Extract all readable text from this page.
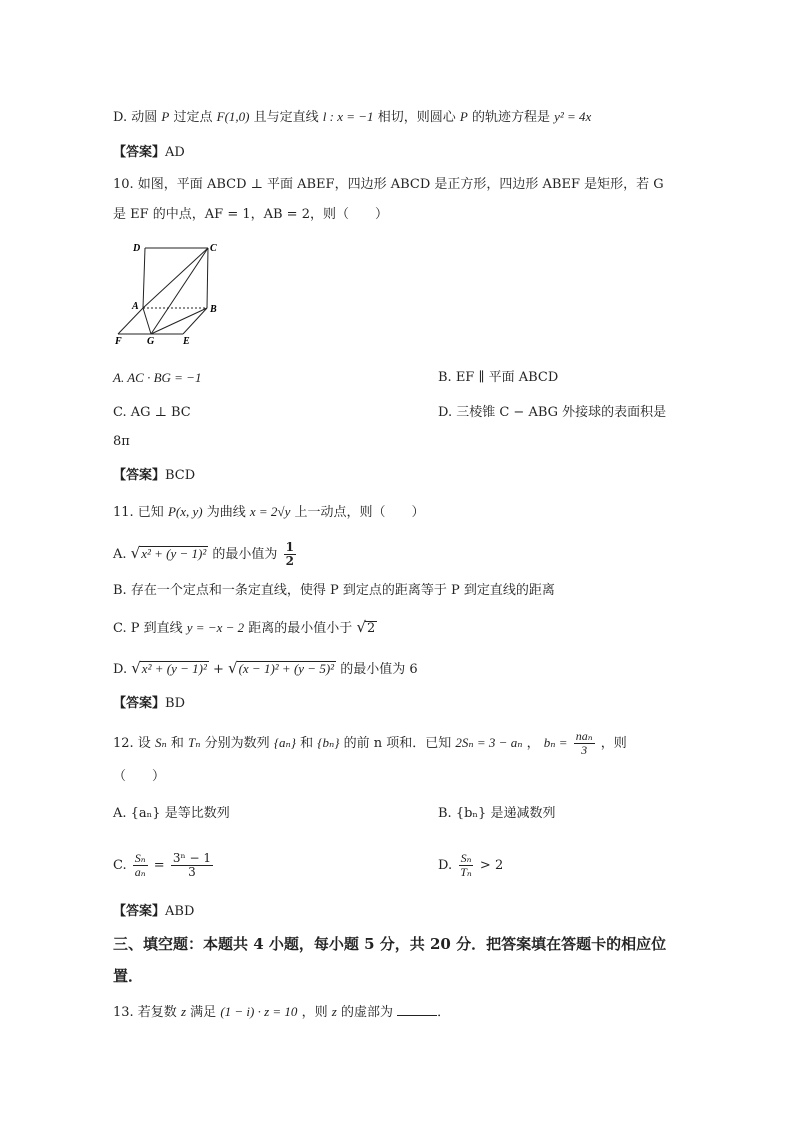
D. 动圆 P 过定点 F(1,0) 且与定直线 l : x = −1 相切，则圆心 P 的轨迹方程是 y² = 4x
【答案】AD
10. 如图，平面 ABCD ⊥ 平面 ABEF，四边形 ABCD 是正方形，四边形 ABEF 是矩形，若 G
是 EF 的中点，AF = 1，AB = 2，则（　　）
D	C
A	B
F	G	E
A. AC · BG = −1	B. EF ∥ 平面 ABCD
C. AG ⊥ BC	D. 三棱锥 C − ABG 外接球的表面积是
8π
【答案】BCD
11. 已知 P(x, y) 为曲线 x = 2√y 上一动点，则（　　）
A. √x² + (y − 1)² 的最小值为 $\frac{1}{2}$
B. 存在一个定点和一条定直线，使得 P 到定点的距离等于 P 到定直线的距离
C. P 到直线 y = −x − 2 距离的最小值小于 √2
D. √x² + (y − 1)² + √(x − 1)² + (y − 5)² 的最小值为 6
【答案】BD
12. 设 Sₙ 和 Tₙ 分别为数列 {aₙ} 和 {bₙ} 的前 n 项和．已知 2Sₙ = 3 − aₙ ， $b_n = \frac{\text{naₙ}}{3}$ ，则
（　　）
A. {aₙ} 是等比数列	B. {bₙ} 是递减数列
C. $\frac{\text{Sₙ}}{\text{aₙ}} = \frac{\text{3ⁿ − 1}}{3}$	D. $\frac{\text{Sₙ}}{\text{Tₙ}} > 2$
【答案】ABD
三、填空题：本题共 4 小题，每小题 5 分，共 20 分．把答案填在答题卡的相应位
置．
13. 若复数 z 满足 (1 − i) · z = 10 ，则 z 的虚部为	．
